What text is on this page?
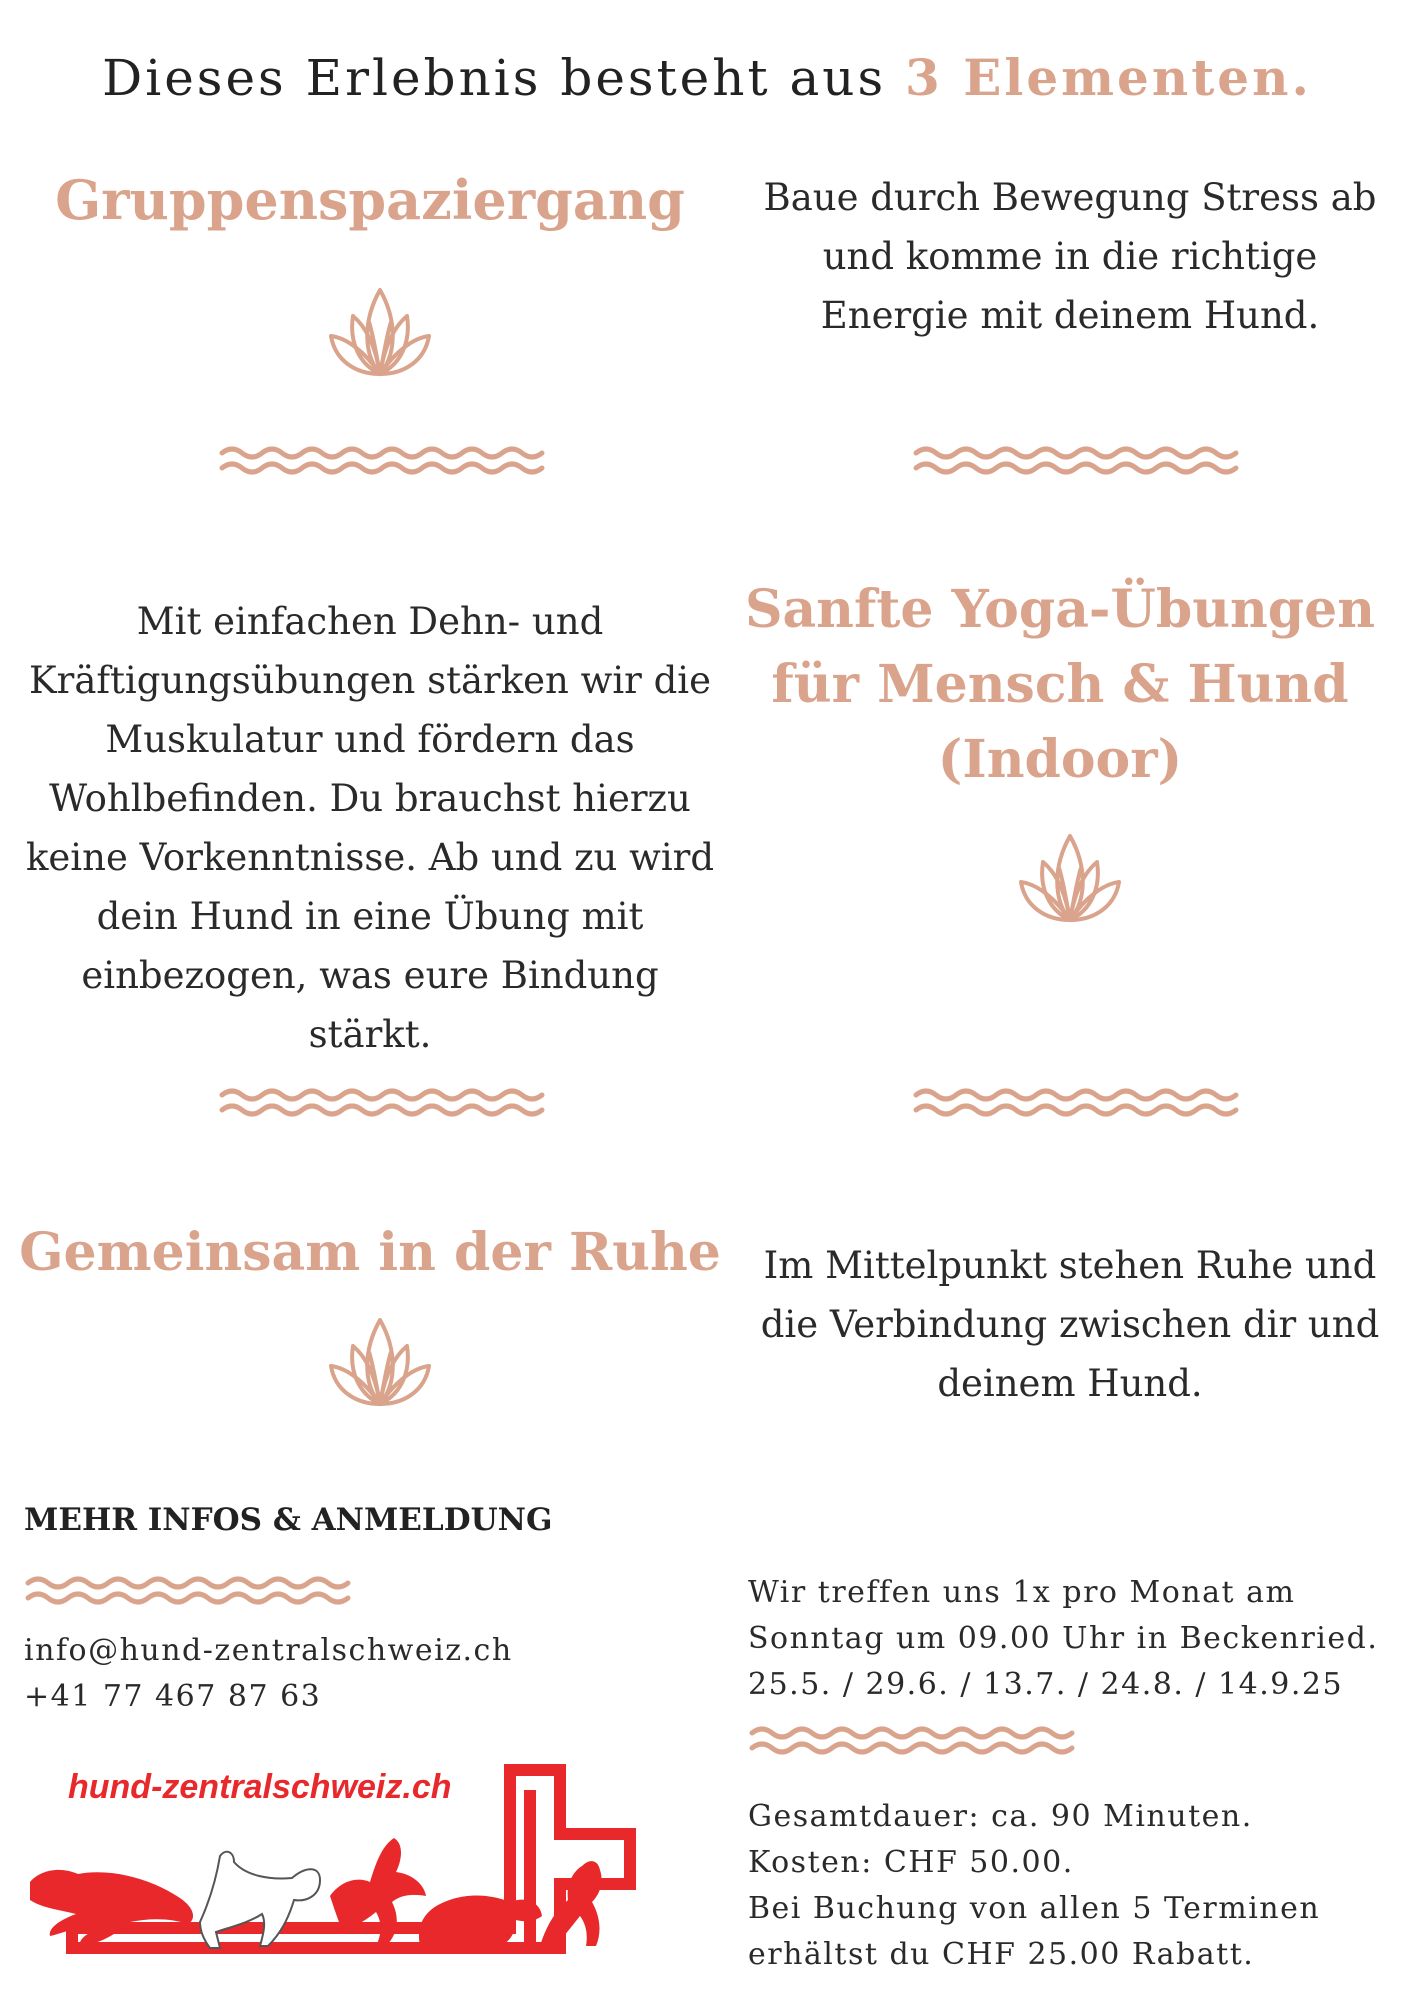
Dieses Erlebnis besteht aus 3 Elementen.
Gruppenspaziergang	Baue durch Bewegung Stress ab und komme in die richtige Energie mit deinem Hund.
Mit einfachen Dehn- und Kräftigungsübungen stärken wir die Muskulatur und fördern das Wohlbefinden. Du brauchst hierzu keine Vorkenntnisse. Ab und zu wird dein Hund in eine Übung mit einbezogen, was eure Bindung stärkt.
Sanfte Yoga-Übungen
für Mensch & Hund
(Indoor)
Gemeinsam in der Ruhe	Im Mittelpunkt stehen Ruhe und die Verbindung zwischen dir und deinem Hund.
MEHR INFOS & ANMELDUNG
info@hund-zentralschweiz.ch
+41 77 467 87 63
hund-zentralschweiz.ch
Wir treffen uns 1x pro Monat am
Sonntag um 09.00 Uhr in Beckenried.
25.5. / 29.6. / 13.7. / 24.8. / 14.9.25
Gesamtdauer: ca. 90 Minuten.
Kosten: CHF 50.00.
Bei Buchung von allen 5 Terminen
erhältst du CHF 25.00 Rabatt.
